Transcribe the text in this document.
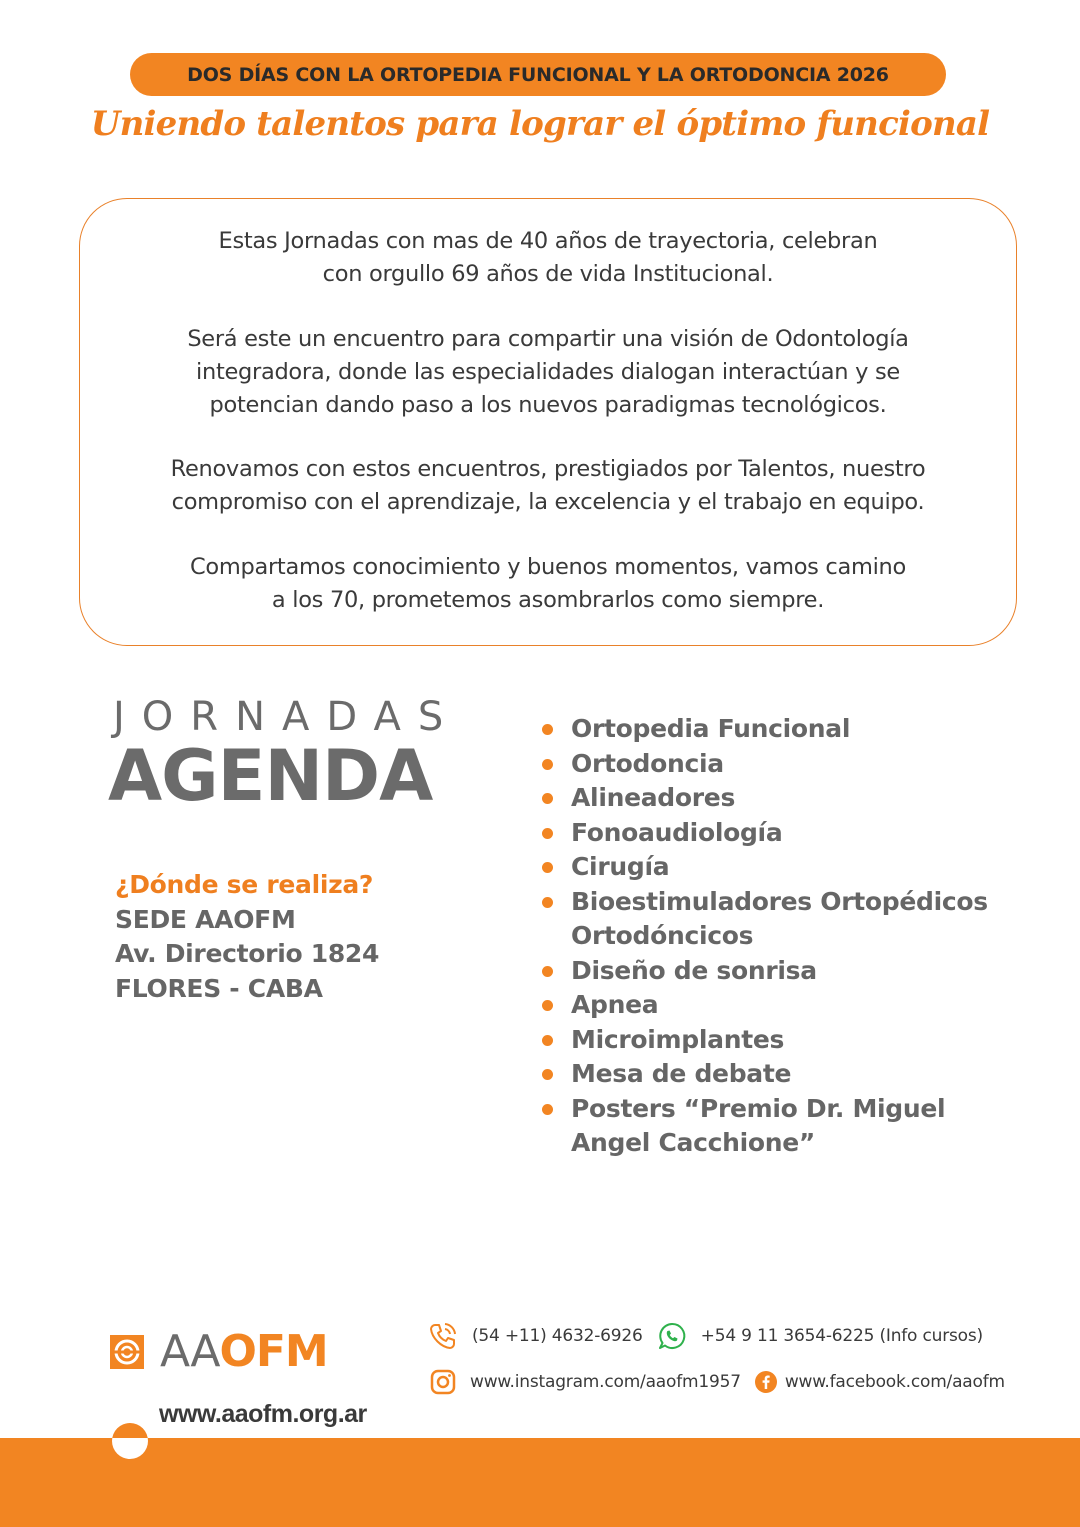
DOS DÍAS CON LA ORTOPEDIA FUNCIONAL Y LA ORTODONCIA 2026
Uniendo talentos para lograr el óptimo funcional
Estas Jornadas con mas de 40 años de trayectoria, celebran
con orgullo 69 años de vida Institucional.
Será este un encuentro para compartir una visión de Odontología
integradora, donde las especialidades dialogan interactúan y se
potencian dando paso a los nuevos paradigmas tecnológicos.
Renovamos con estos encuentros, prestigiados por Talentos, nuestro
compromiso con el aprendizaje, la excelencia y el trabajo en equipo.
Compartamos conocimiento y buenos momentos, vamos camino
a los 70, prometemos asombrarlos como siempre.
JORNADAS
AGENDA
¿Dónde se realiza?
SEDE AAOFM
Av. Directorio 1824
FLORES - CABA
Ortopedia Funcional
Ortodoncia
Alineadores
Fonoaudiología
Cirugía
Bioestimuladores Ortopédicos
Ortodóncicos
Diseño de sonrisa
Apnea
Microimplantes
Mesa de debate
Posters “Premio Dr. Miguel
Angel Cacchione”
AAOFM
www.aaofm.org.ar
(54 +11) 4632-6926	+54 9 11 3654-6225 (Info cursos)
www.instagram.com/aaofm1957	www.facebook.com/aaofm
